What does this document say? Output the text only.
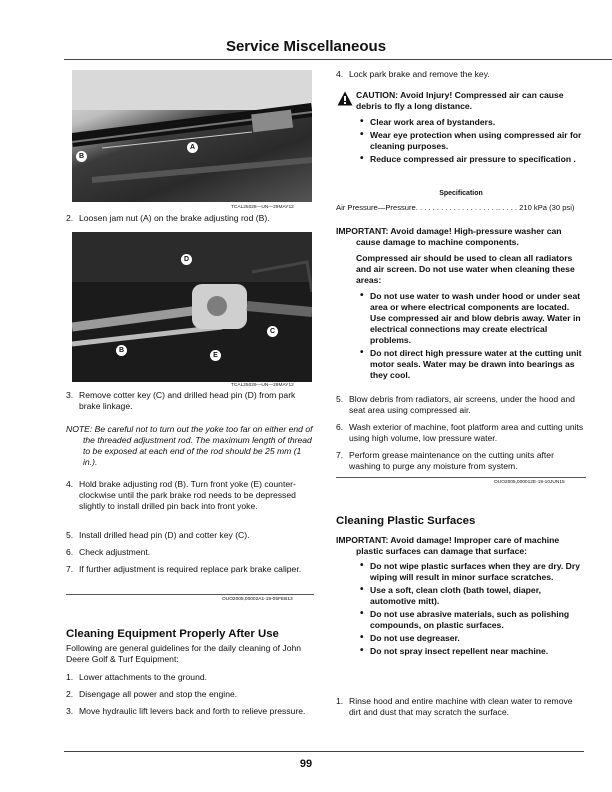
Service Miscellaneous
A
B
TCAL25028—UN—29MAY12
2. Loosen jam nut (A) on the brake adjusting rod (B).
D
C
B
E
TCAL25029—UN—29MAY12
3. Remove cotter key (C) and drilled head pin (D) from park brake linkage.
NOTE: Be careful not to turn out the yoke too far on either end of the threaded adjustment rod. The maximum length of thread to be exposed at each end of the rod should be 25 mm (1 in.).
4. Hold brake adjusting rod (B). Turn front yoke (E) counter-clockwise until the park brake rod needs to be depressed slightly to install drilled pin back into front yoke.
5. Install drilled head pin (D) and cotter key (C).
6. Check adjustment.
7. If further adjustment is required replace park brake caliper.
OUO2005,00002A1-19-05FEB13
Cleaning Equipment Properly After Use

Following are general guidelines for the daily cleaning of John Deere Golf & Turf Equipment:

1. Lower attachments to the ground.
2. Disengage all power and stop the engine.
3. Move hydraulic lift levers back and forth to relieve pressure.
4. Lock park brake and remove the key.

CAUTION: Avoid Injury! Compressed air can cause debris to fly a long distance.

• Clear work area of bystanders.
• Wear eye protection when using compressed air for cleaning purposes.
• Reduce compressed air pressure to specification .
Specification
Air Pressure—Pressure. . . . . . . . . . . . . . . . . . . .. . . . . 210 kPa (30 psi)

IMPORTANT: Avoid damage! High-pressure washer can cause damage to machine components.

Compressed air should be used to clean all radiators and air screen. Do not use water when cleaning these areas:

• Do not use water to wash under hood or under seat area or where electrical components are located. Use compressed air and blow debris away. Water in electrical connections may create electrical problems.
• Do not direct high pressure water at the cutting unit motor seals. Water may be drawn into bearings as they cool.
5. Blow debris from radiators, air screens, under the hood and seat area using compressed air.
6. Wash exterior of machine, foot platform area and cutting units using high volume, low pressure water.
7. Perform grease maintenance on the cutting units after washing to purge any moisture from system.
OUO2005,000012E-19-10JUN15
Cleaning Plastic Surfaces

IMPORTANT: Avoid damage! Improper care of machine plastic surfaces can damage that surface:

• Do not wipe plastic surfaces when they are dry. Dry wiping will result in minor surface scratches.
• Use a soft, clean cloth (bath towel, diaper, automotive mitt).
• Do not use abrasive materials, such as polishing compounds, on plastic surfaces.
• Do not use degreaser.
• Do not spray insect repellent near machine.
1. Rinse hood and entire machine with clean water to remove dirt and dust that may scratch the surface.
99
